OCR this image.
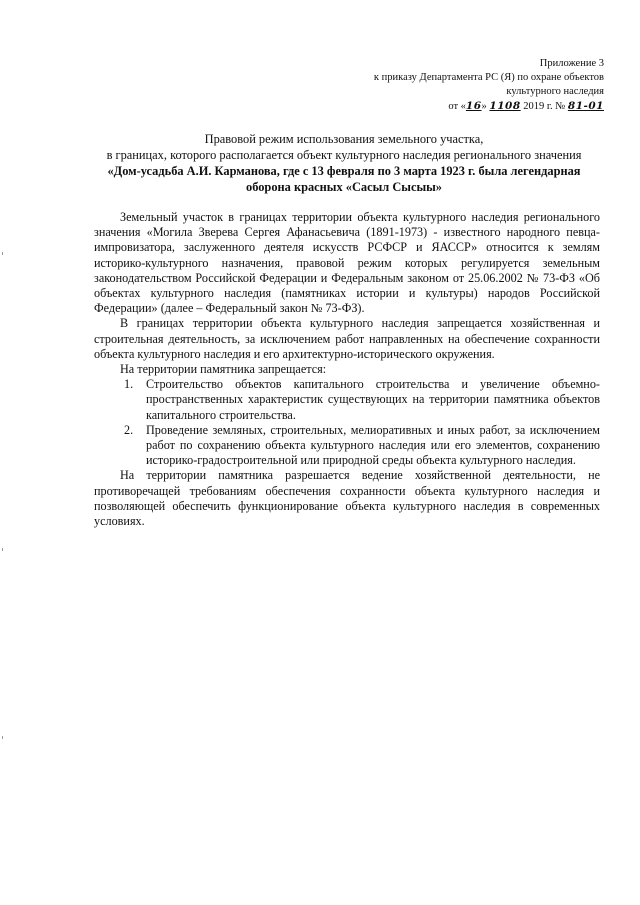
Приложение 3
к приказу Департамента РС (Я) по охране объектов
культурного наследия
от «16» 1108 2019 г. № 81-01
Правовой режим использования земельного участка,
в границах, которого располагается объект культурного наследия регионального значения
«Дом-усадьба А.И. Карманова, где с 13 февраля по 3 марта 1923 г. была легендарная
оборона красных «Сасыл Сысыы»

Земельный участок в границах территории объекта культурного наследия регионального значения «Могила Зверева Сергея Афанасьевича (1891-1973) - известного народного певца-импровизатора, заслуженного деятеля искусств РСФСР и ЯАССР» относится к землям историко-культурного назначения, правовой режим которых регулируется земельным законодательством Российской Федерации и Федеральным законом от 25.06.2002 № 73-ФЗ «Об объектах культурного наследия (памятниках истории и культуры) народов Российской Федерации» (далее – Федеральный закон № 73-ФЗ).

В границах территории объекта культурного наследия запрещается хозяйственная и строительная деятельность, за исключением работ направленных на обеспечение сохранности объекта культурного наследия и его архитектурно-исторического окружения.

На территории памятника запрещается:

1. Строительство объектов капитального строительства и увеличение объемно-пространственных характеристик существующих на территории памятника объектов капитального строительства.
2. Проведение земляных, строительных, мелиоративных и иных работ, за исключением работ по сохранению объекта культурного наследия или его элементов, сохранению историко-градостроительной или природной среды объекта культурного наследия.

На территории памятника разрешается ведение хозяйственной деятельности, не противоречащей требованиям обеспечения сохранности объекта культурного наследия и позволяющей обеспечить функционирование объекта культурного наследия в современных условиях.
